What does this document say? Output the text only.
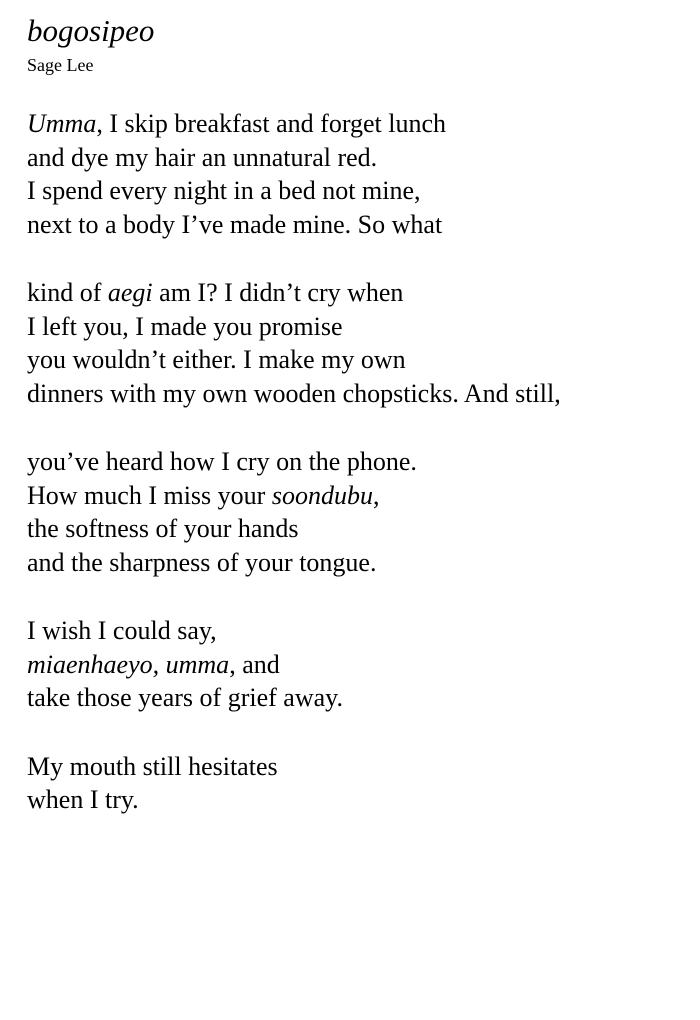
bogosipeo
Sage Lee
Umma, I skip breakfast and forget lunch
and dye my hair an unnatural red.
I spend every night in a bed not mine,
next to a body I’ve made mine. So what
kind of aegi am I? I didn’t cry when
I left you, I made you promise
you wouldn’t either. I make my own
dinners with my own wooden chopsticks. And still,
you’ve heard how I cry on the phone.
How much I miss your soondubu,
the softness of your hands
and the sharpness of your tongue.
I wish I could say,
miaenhaeyo, umma, and
take those years of grief away.
My mouth still hesitates
when I try.
